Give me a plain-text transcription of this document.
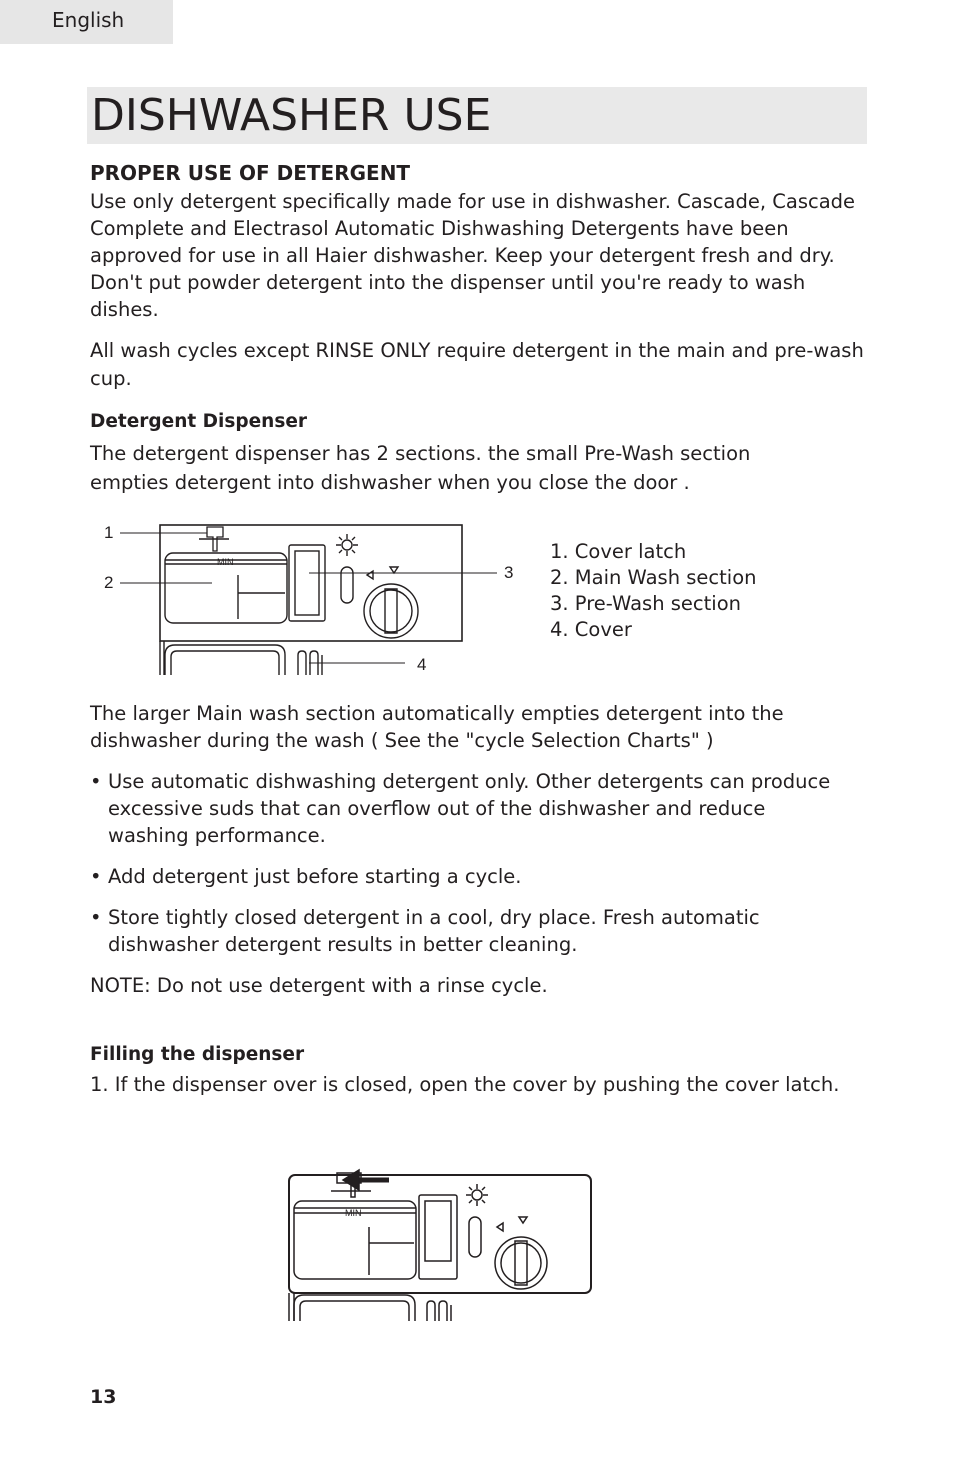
English
DISHWASHER USE
PROPER USE OF DETERGENT

Use only detergent specifically made for use in dishwasher. Cascade, Cascade Complete and Electrasol Automatic Dishwashing Detergents have been approved for use in all Haier dishwasher. Keep your detergent fresh and dry. Don't put powder detergent into the dispenser until you're ready to wash dishes.

All wash cycles except RINSE ONLY require detergent in the main and pre-wash cup.

Detergent Dispenser

The detergent dispenser has 2 sections. the small Pre-Wash section empties detergent into dishwasher when you close the door .

MIN
1
2
3
4
1. Cover latch
2. Main Wash section
3. Pre-Wash section
4. Cover

The larger Main wash section automatically empties detergent into the dishwasher during the wash ( See the "cycle Selection Charts" )

• Use automatic dishwashing detergent only. Other detergents can produce excessive suds that can overflow out of the dishwasher and reduce washing performance.
• Add detergent just before starting a cycle.
• Store tightly closed detergent in a cool, dry place. Fresh automatic dishwasher detergent results in better cleaning.

NOTE: Do not use detergent with a rinse cycle.

Filling the dispenser

1. If the dispenser over is closed, open the cover by pushing the cover latch.

MIN
13
